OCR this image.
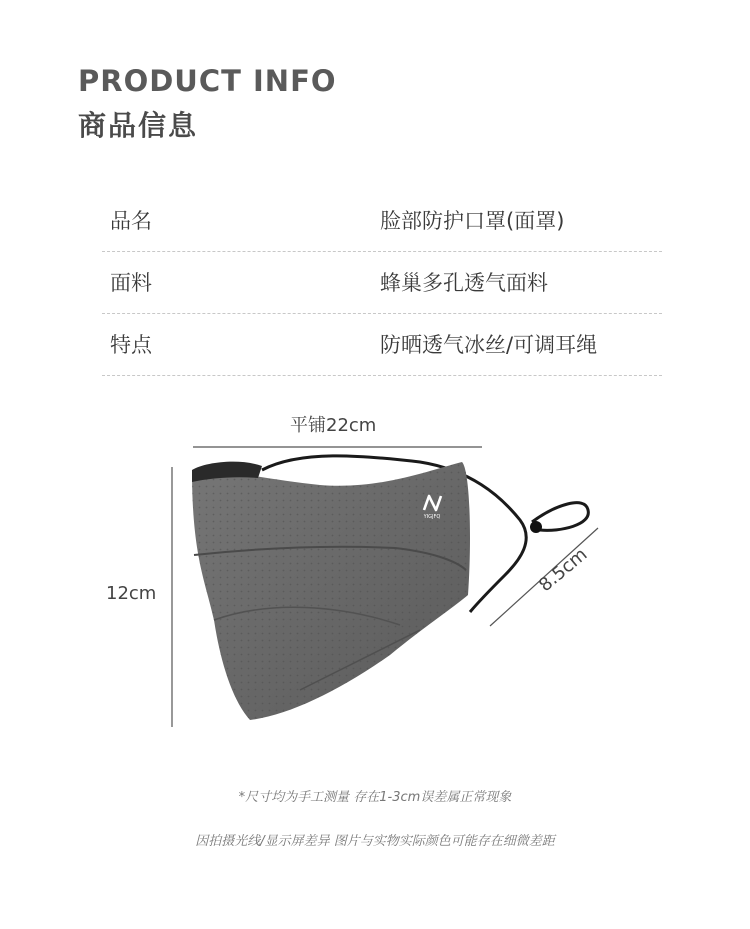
PRODUCT INFO
商品信息
品名	脸部防护口罩(面罩)
面料	蜂巢多孔透气面料
特点	防晒透气冰丝/可调耳绳
YIGJFQ
平铺22cm
12cm	8.5cm
*尺寸均为手工测量 存在1-3cm误差属正常现象
因拍摄光线/显示屏差异 图片与实物实际颜色可能存在细微差距
